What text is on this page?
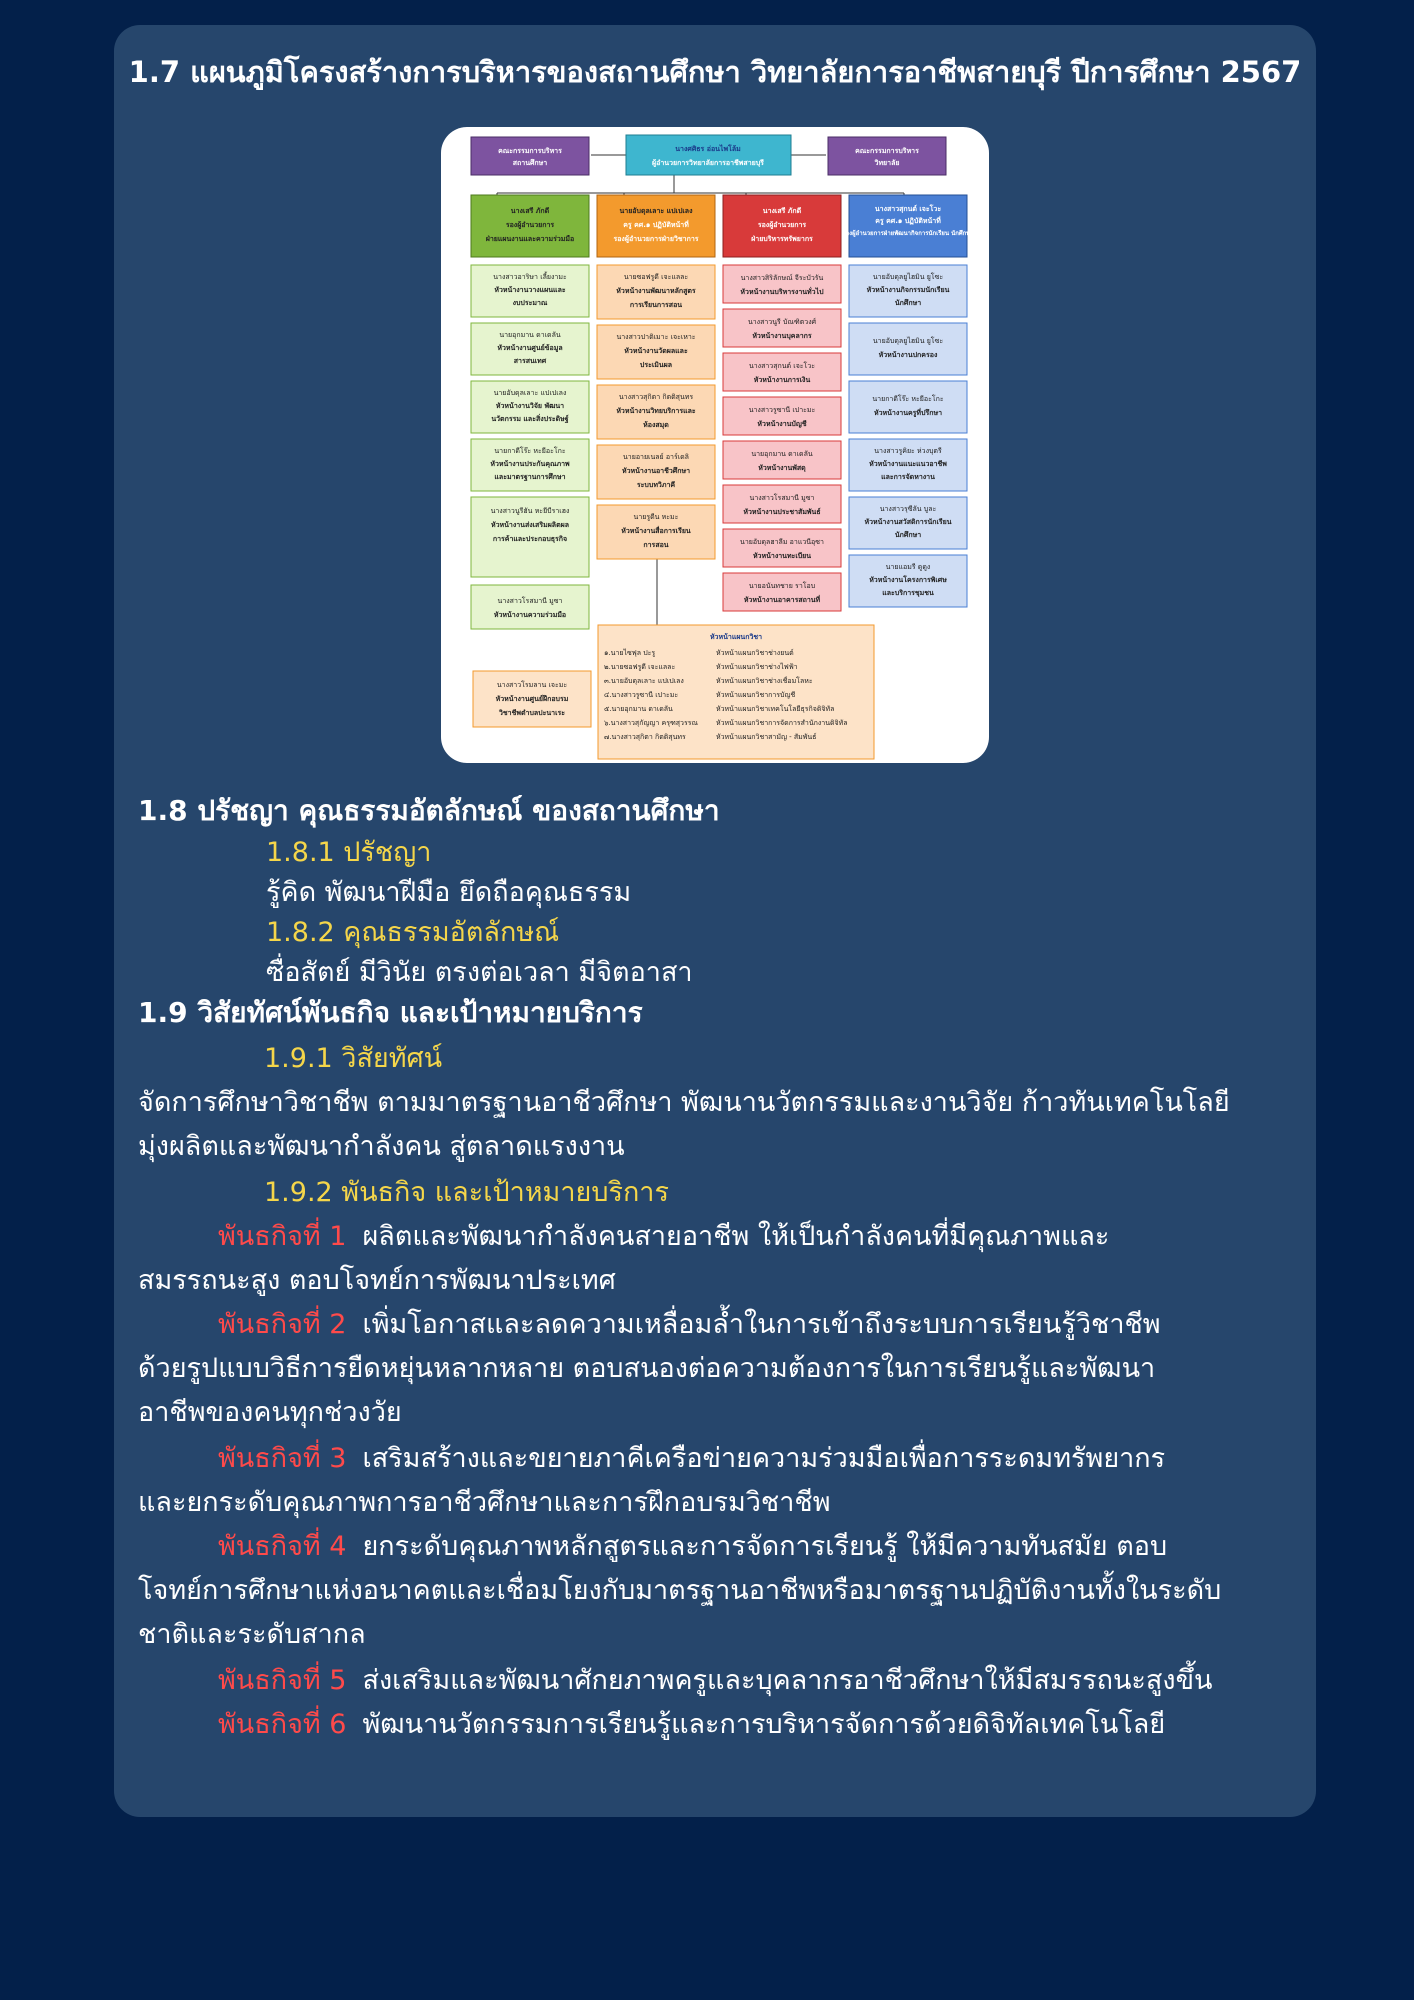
1.7 แผนภูมิโครงสร้างการบริหารของสถานศึกษา วิทยาลัยการอาชีพสายบุรี ปีการศึกษา 2567
คณะกรรมการบริหาร
สถานศึกษา
นางศศิธร อ่อนไพโล้ม
ผู้อำนวยการวิทยาลัยการอาชีพสายบุรี
คณะกรรมการบริหาร
วิทยาลัย
นางเสรี ภักดี
รองผู้อำนวยการ
ฝ่ายแผนงานและความร่วมมือ
นายอับดุลเลาะ แปเปเลง
ครู คศ.๑ ปฏิบัติหน้าที่
รองผู้อำนวยการฝ่ายวิชาการ
นางเสรี ภักดี
รองผู้อำนวยการ
ฝ่ายบริหารทรัพยากร
นางสาวสุกนต์ เจะโวะ
ครู คศ.๑ ปฏิบัติหน้าที่
รองผู้อำนวยการฝ่ายพัฒนากิจการนักเรียน นักศึกษา
นางสาวอาริษา เลี้ยงามะ
หัวหน้างานวางแผนและ
งบประมาณ
นายอุกมาน ดาเดลัน
หัวหน้างานศูนย์ข้อมูล
สารสนเทศ
นายอับดุลเลาะ แปเปเลง
หัวหน้างานวิจัย พัฒนา
นวัตกรรม และสิ่งประดิษฐ์
นายกาดีโร๊ะ หะยีอะโกะ
หัวหน้างานประกันคุณภาพ
และมาตรฐานการศึกษา
นางสาวนูรีฮัน หะยีบีราเฮง
หัวหน้างานส่งเสริมผลิตผล
การค้าและประกอบธุรกิจ
นางสาวโรสมานี มูซา
หัวหน้างานความร่วมมือ
นายซอฟรูดี เจะแลละ
หัวหน้างานพัฒนาหลักสูตร
การเรียนการสอน
นางสาวปาติเมาะ เจะเหาะ
หัวหน้างานวัดผลและ
ประเมินผล
นางสาวสุกิตา กิตติสุนทร
หัวหน้างานวิทยบริการและ
ห้องสมุด
นายอายเนลย์ อาร์เดลิ
หัวหน้างานอาชีวศึกษา
ระบบทวิภาคี
นายรูดีน หะมะ
หัวหน้างานสื่อการเรียน
การสอน
นางสาวสิริลักษณ์ จีระบัวรัน
หัวหน้างานบริหารงานทั่วไป
นางสาวนูรี บัณฑิตวงศ์
หัวหน้างานบุคลากร
นางสาวสุกนต์ เจะโวะ
หัวหน้างานการเงิน
นางสาวรูซานี เปาะมะ
หัวหน้างานบัญชี
นายอุกมาน ดาเดลัน
หัวหน้างานพัสดุ
นางสาวโรสมานี มูซา
หัวหน้างานประชาสัมพันธ์
นายอับดุลฮาลีม อาแวนีอุซา
หัวหน้างานทะเบียน
นายอนันทชาย ราโอบ
หัวหน้างานอาคารสถานที่
นายอับดุลยูไฮมิน ยูโซะ
หัวหน้างานกิจกรรมนักเรียน
นักศึกษา
นายอับดุลยูไฮมิน ยูโซะ
หัวหน้างานปกครอง
นายกาดีโร๊ะ หะยีอะโกะ
หัวหน้างานครูที่ปรึกษา
นางสาวรูคิยะ ห่วงบุตรี
หัวหน้างานแนะแนวอาชีพ
และการจัดหางาน
นางสาวรุซีลัน บูละ
หัวหน้างานสวัสดิการนักเรียน
นักศึกษา
นายแอมรี ดูดูง
หัวหน้างานโครงการพิเศษ
และบริการชุมชน
หัวหน้าแผนกวิชา
๑.นายไซฟุล ปะรู	หัวหน้าแผนกวิชาช่างยนต์
๒.นายซอฟรูดี เจะแลละ	หัวหน้าแผนกวิชาช่างไฟฟ้า
๓.นายอับดุลเลาะ แปเปเลง	หัวหน้าแผนกวิชาช่างเชื่อมโลหะ
๔.นางสาวรูซานี เปาะมะ	หัวหน้าแผนกวิชาการบัญชี
๕.นายอุกมาน ดาเดลัน	หัวหน้าแผนกวิชาเทคโนโลยีธุรกิจดิจิทัล
๖.นางสาวสุกัญญา ครุฑสุวรรณ	หัวหน้าแผนกวิชาการจัดการสำนักงานดิจิทัล
๗.นางสาวสุกิตา กิตติสุนทร	หัวหน้าแผนกวิชาสามัญ - สัมพันธ์
นางสาวโรมลาน เจะมะ
หัวหน้างานศูนย์ฝึกอบรม
วิชาชีพตำบลปะนาเระ
1.8 ปรัชญา คุณธรรมอัตลักษณ์ ของสถานศึกษา
1.8.1 ปรัชญา
รู้คิด พัฒนาฝีมือ ยึดถือคุณธรรม
1.8.2 คุณธรรมอัตลักษณ์
ซื่อสัตย์ มีวินัย ตรงต่อเวลา มีจิตอาสา
1.9 วิสัยทัศน์พันธกิจ และเป้าหมายบริการ
1.9.1 วิสัยทัศน์
จัดการศึกษาวิชาชีพ ตามมาตรฐานอาชีวศึกษา พัฒนานวัตกรรมและงานวิจัย ก้าวทันเทคโนโลยี
มุ่งผลิตและพัฒนากำลังคน สู่ตลาดแรงงาน
1.9.2 พันธกิจ และเป้าหมายบริการ
พันธกิจที่ 1 ผลิตและพัฒนากำลังคนสายอาชีพ ให้เป็นกำลังคนที่มีคุณภาพและ
สมรรถนะสูง ตอบโจทย์การพัฒนาประเทศ
พันธกิจที่ 2 เพิ่มโอกาสและลดความเหลื่อมล้ำในการเข้าถึงระบบการเรียนรู้วิชาชีพ
ด้วยรูปแบบวิธีการยืดหยุ่นหลากหลาย ตอบสนองต่อความต้องการในการเรียนรู้และพัฒนา
อาชีพของคนทุกช่วงวัย
พันธกิจที่ 3 เสริมสร้างและขยายภาคีเครือข่ายความร่วมมือเพื่อการระดมทรัพยากร
และยกระดับคุณภาพการอาชีวศึกษาและการฝึกอบรมวิชาชีพ
พันธกิจที่ 4 ยกระดับคุณภาพหลักสูตรและการจัดการเรียนรู้ ให้มีความทันสมัย ตอบ
โจทย์การศึกษาแห่งอนาคตและเชื่อมโยงกับมาตรฐานอาชีพหรือมาตรฐานปฏิบัติงานทั้งในระดับ
ชาติและระดับสากล
พันธกิจที่ 5 ส่งเสริมและพัฒนาศักยภาพครูและบุคลากรอาชีวศึกษาให้มีสมรรถนะสูงขึ้น
พันธกิจที่ 6 พัฒนานวัตกรรมการเรียนรู้และการบริหารจัดการด้วยดิจิทัลเทคโนโลยี
